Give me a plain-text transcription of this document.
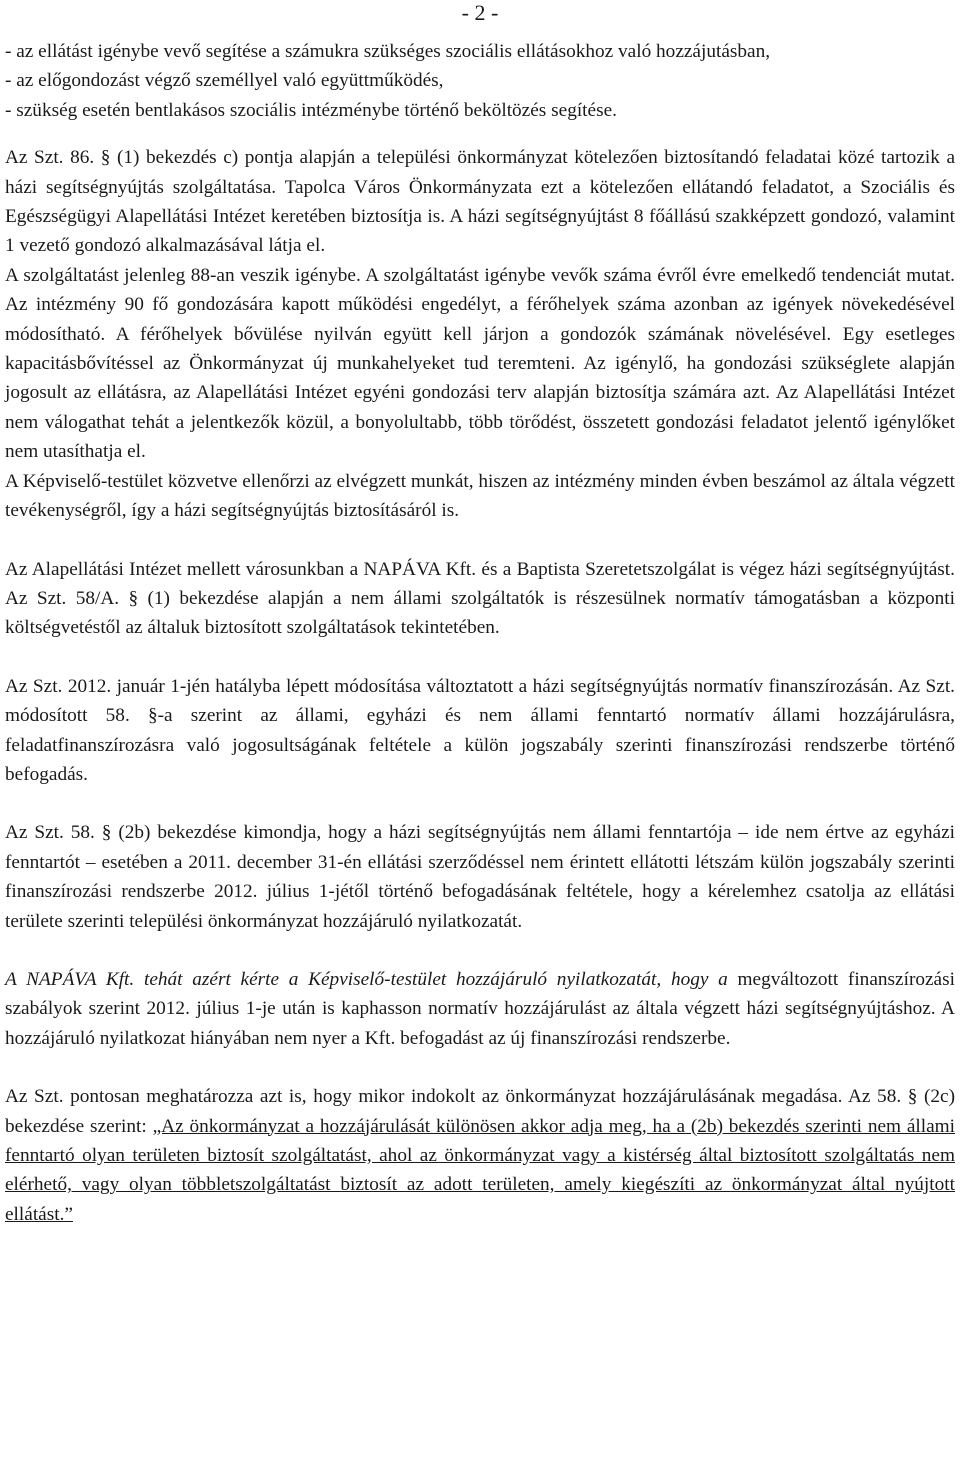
- 2 -
- az ellátást igénybe vevő segítése a számukra szükséges szociális ellátásokhoz való hozzájutásban,
- az előgondozást végző személlyel való együttműködés,
- szükség esetén bentlakásos szociális intézménybe történő beköltözés segítése.

Az Szt. 86. § (1) bekezdés c) pontja alapján a települési önkormányzat kötelezően biztosítandó feladatai közé tartozik a házi segítségnyújtás szolgáltatása. Tapolca Város Önkormányzata ezt a kötelezően ellátandó feladatot, a Szociális és Egészségügyi Alapellátási Intézet keretében biztosítja is. A házi segítségnyújtást 8 főállású szakképzett gondozó, valamint 1 vezető gondozó alkalmazásával látja el.

A szolgáltatást jelenleg 88-an veszik igénybe. A szolgáltatást igénybe vevők száma évről évre emelkedő tendenciát mutat. Az intézmény 90 fő gondozására kapott működési engedélyt, a férőhelyek száma azonban az igények növekedésével módosítható. A férőhelyek bővülése nyilván együtt kell járjon a gondozók számának növelésével. Egy esetleges kapacitásbővítéssel az Önkormányzat új munkahelyeket tud teremteni. Az igénylő, ha gondozási szükséglete alapján jogosult az ellátásra, az Alapellátási Intézet egyéni gondozási terv alapján biztosítja számára azt. Az Alapellátási Intézet nem válogathat tehát a jelentkezők közül, a bonyolultabb, több törődést, összetett gondozási feladatot jelentő igénylőket nem utasíthatja el.

A Képviselő-testület közvetve ellenőrzi az elvégzett munkát, hiszen az intézmény minden évben beszámol az általa végzett tevékenységről, így a házi segítségnyújtás biztosításáról is.

Az Alapellátási Intézet mellett városunkban a NAPÁVA Kft. és a Baptista Szeretetszolgálat is végez házi segítségnyújtást. Az Szt. 58/A. § (1) bekezdése alapján a nem állami szolgáltatók is részesülnek normatív támogatásban a központi költségvetéstől az általuk biztosított szolgáltatások tekintetében.

Az Szt. 2012. január 1-jén hatályba lépett módosítása változtatott a házi segítségnyújtás normatív finanszírozásán. Az Szt. módosított 58. §-a szerint az állami, egyházi és nem állami fenntartó normatív állami hozzájárulásra, feladatfinanszírozásra való jogosultságának feltétele a külön jogszabály szerinti finanszírozási rendszerbe történő befogadás.

Az Szt. 58. § (2b) bekezdése kimondja, hogy a házi segítségnyújtás nem állami fenntartója – ide nem értve az egyházi fenntartót – esetében a 2011. december 31-én ellátási szerződéssel nem érintett ellátotti létszám külön jogszabály szerinti finanszírozási rendszerbe 2012. július 1-jétől történő befogadásának feltétele, hogy a kérelemhez csatolja az ellátási területe szerinti települési önkormányzat hozzájáruló nyilatkozatát.

A NAPÁVA Kft. tehát azért kérte a Képviselő-testület hozzájáruló nyilatkozatát, hogy a megváltozott finanszírozási szabályok szerint 2012. július 1-je után is kaphasson normatív hozzájárulást az általa végzett házi segítségnyújtáshoz. A hozzájáruló nyilatkozat hiányában nem nyer a Kft. befogadást az új finanszírozási rendszerbe.

Az Szt. pontosan meghatározza azt is, hogy mikor indokolt az önkormányzat hozzájárulásának megadása. Az 58. § (2c) bekezdése szerint: „Az önkormányzat a hozzájárulását különösen akkor adja meg, ha a (2b) bekezdés szerinti nem állami fenntartó olyan területen biztosít szolgáltatást, ahol az önkormányzat vagy a kistérség által biztosított szolgáltatás nem elérhető, vagy olyan többletszolgáltatást biztosít az adott területen, amely kiegészíti az önkormányzat által nyújtott ellátást.”
